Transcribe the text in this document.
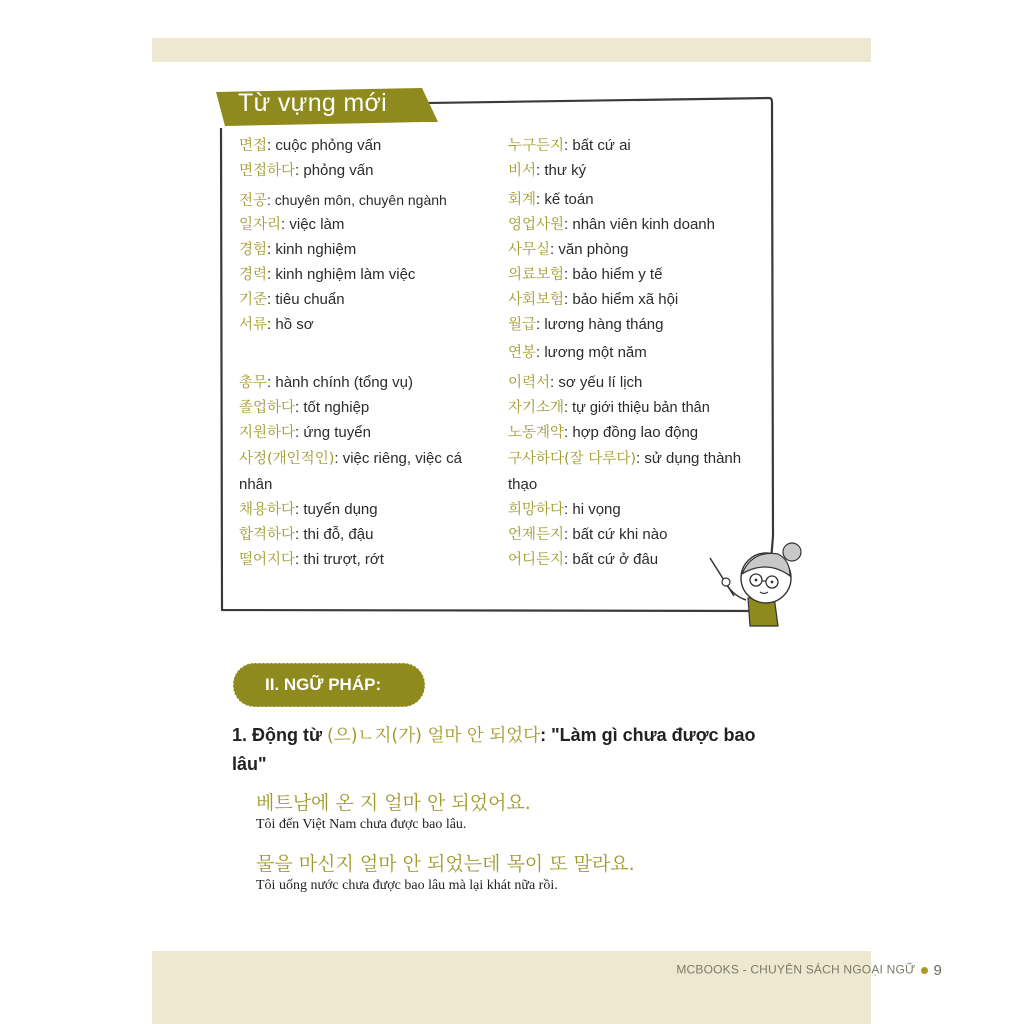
Từ vựng mới
면접: cuộc phỏng vấn
면접하다: phỏng vấn
전공: chuyên môn, chuyên ngành
일자리: việc làm
경험: kinh nghiệm
경력: kinh nghiệm làm việc
기준: tiêu chuẩn
서류: hồ sơ
총무: hành chính (tổng vụ)
졸업하다: tốt nghiệp
지원하다: ứng tuyển
사정(개인적인): việc riêng, việc cá nhân
채용하다: tuyển dụng
합격하다: thi đỗ, đậu
떨어지다: thi trượt, rớt
누구든지: bất cứ ai
비서: thư ký
회계: kế toán
영업사원: nhân viên kinh doanh
사무실: văn phòng
의료보험: bảo hiểm y tế
사회보험: bảo hiểm xã hội
월급: lương hàng tháng
연봉: lương một năm
이력서: sơ yếu lí lịch
자기소개: tự giới thiệu bản thân
노동계약: hợp đồng lao động
구사하다(잘 다루다): sử dụng thành thạo
희망하다: hi vọng
언제든지: bất cứ khi nào
어디든지: bất cứ ở đâu
II. NGỮ PHÁP:
1. Động từ (으)ㄴ지(가) 얼마 안 되었다: "Làm gì chưa được bao lâu"
베트남에 온 지 얼마 안 되었어요.
Tôi đến Việt Nam chưa được bao lâu.
물을 마신지 얼마 안 되었는데 목이 또 말라요.
Tôi uống nước chưa được bao lâu mà lại khát nữa rồi.
MCBOOKS - CHUYÊN SÁCH NGOẠI NGỮ 9
